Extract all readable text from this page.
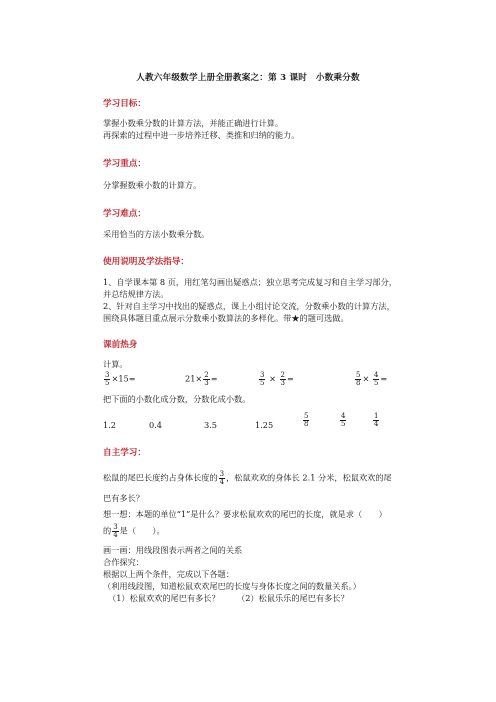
人教六年级数学上册全册教案之：第 3 课时　小数乘分数
学习目标：
掌握小数乘分数的计算方法，并能正确进行计算。
再探索的过程中进一步培养迁移、类推和归纳的能力。
学习重点：
分掌握数乘小数的计算方。
学习难点：
采用恰当的方法小数乘分数。
使用说明及学法指导：
1、自学课本第 8 页，用红笔勾画出疑惑点；独立思考完成复习和自主学习部分，
并总结规律方法。
2、针对自主学习中找出的疑惑点，课上小组讨论交流，分数乘小数的计算方法，
围绕具体题目重点展示分数乘小数算法的多样化。带★的题可选做。
课前热身
计算。
$\frac{3}{5} \times 15=$	$21\times \frac{2}{3}$ =	$\frac{3}{5} \times \frac{2}{3}$ =	$\frac{5}{8} \times \frac{4}{5}$ =
把下面的小数化成分数，分数化成小数。
1.2	0.4	3.5	1.25	$\frac{5}{8}$	$\frac{4}{5}$	$\frac{1}{4}$
自主学习：
松鼠的尾巴长度约占身体长度的 $\frac{3}{4}$ ，松鼠欢欢的身体长 2.1 分米，松鼠欢欢的尾
巴有多长？
想一想：本题的单位“1”是什么？要求松鼠欢欢的尾巴的长度，就是求（　　）
的 $\frac{3}{4}$ 是（　　）。
画一画：用线段图表示两者之间的关系
合作探究：
根据以上两个条件，完成以下各题：
（利用线段图，知道松鼠欢欢尾巴的长度与身体长度之间的数量关系。）
（1）松鼠欢欢的尾巴有多长？ （2）松鼠乐乐的尾巴有多长？
